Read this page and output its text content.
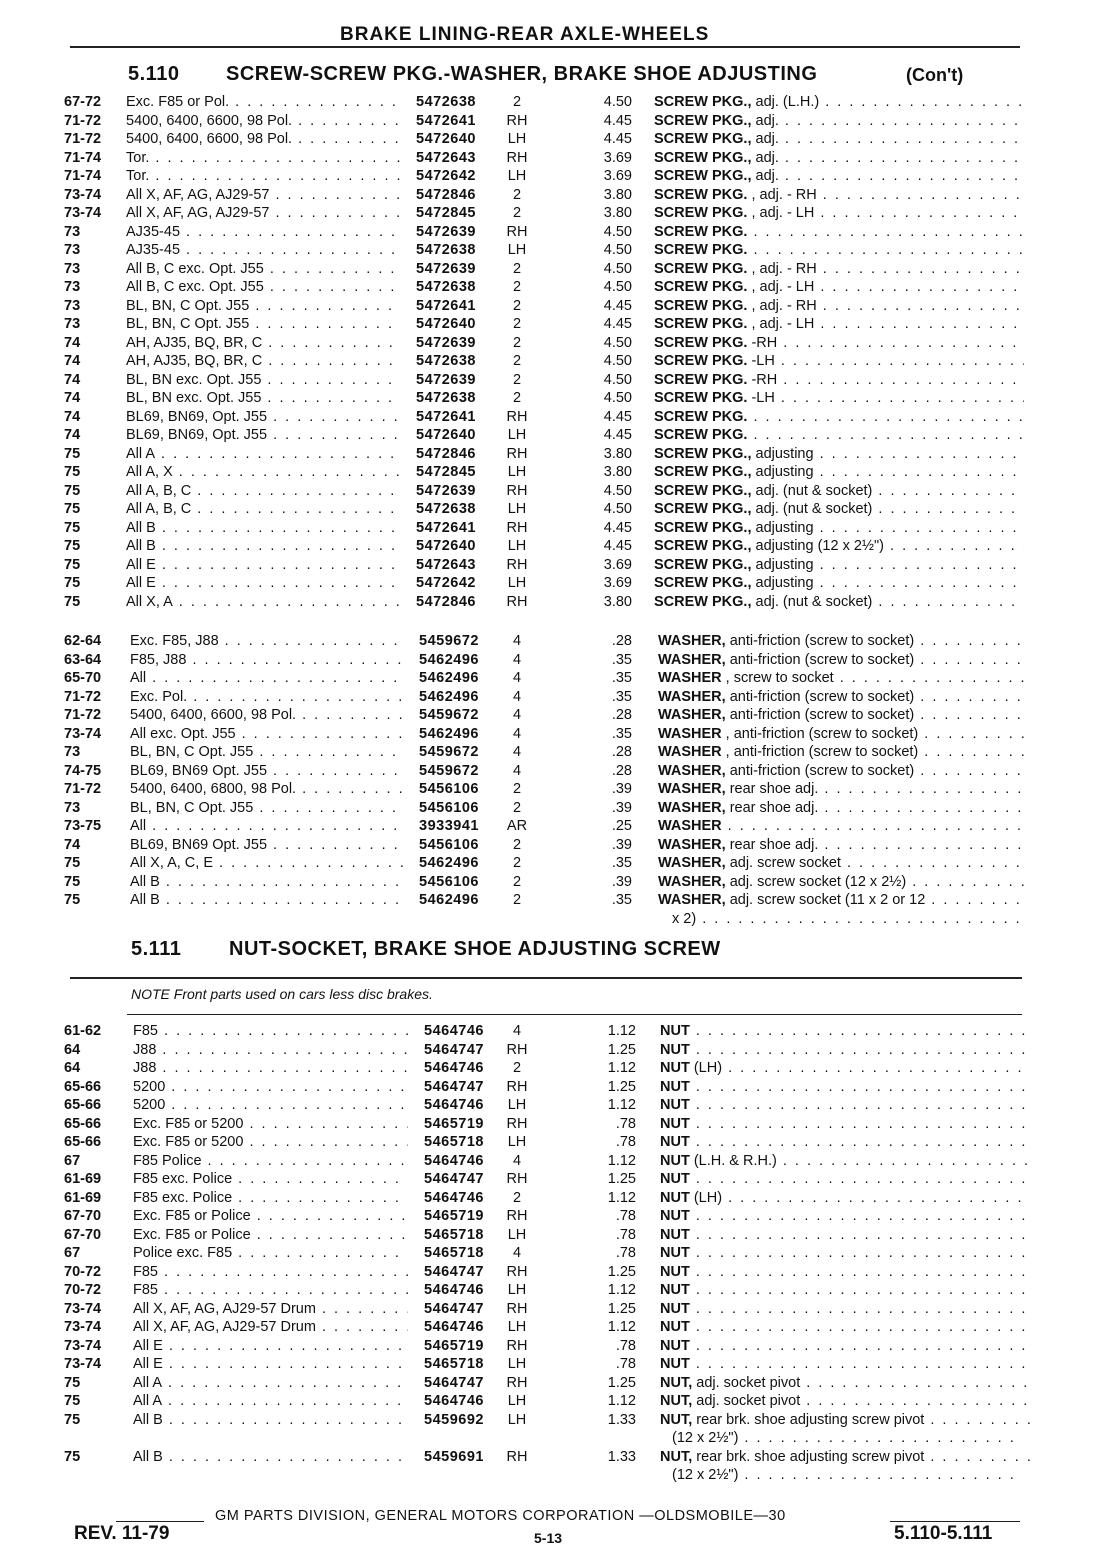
BRAKE LINING-REAR AXLE-WHEELS
5.110 SCREW-SCREW PKG.-WASHER, BRAKE SHOE ADJUSTING	(Con't)
67-72 Exc. F85 or Pol. . . .	5472638	2	4.50 SCREW PKG., adj. (L.H.) . . .
71-72 5400, 6400, 6600, 98 Pol. . . .	5472641 RH	4.45 SCREW PKG., adj. . . .
71-72 5400, 6400, 6600, 98 Pol. . . .	5472640	LH	4.45 SCREW PKG., adj. . . .
71-74 Tor. . . .	5472643 RH	3.69 SCREW PKG., adj. . . .
71-74 Tor. . . .	5472642	LH	3.69 SCREW PKG., adj. . . .
73-74 All X, AF, AG, AJ29-57 . . .	5472846	2	3.80 SCREW PKG. , adj. - RH . . .
73-74 All X, AF, AG, AJ29-57 . . .	5472845	2	3.80 SCREW PKG. , adj. - LH . . .
73	AJ35-45 . . .	5472639 RH	4.50 SCREW PKG. . . .
73	AJ35-45 . . .	5472638	LH	4.50 SCREW PKG. . . .
73	All B, C exc. Opt. J55 . . .	5472639	2	4.50 SCREW PKG. , adj. - RH . . .
73	All B, C exc. Opt. J55 . . .	5472638	2	4.50 SCREW PKG. , adj. - LH . . .
73	BL, BN, C Opt. J55 . . .	5472641	2	4.45 SCREW PKG. , adj. - RH . . .
73	BL, BN, C Opt. J55 . . .	5472640	2	4.45 SCREW PKG. , adj. - LH . . .
74	AH, AJ35, BQ, BR, C . . .	5472639	2	4.50 SCREW PKG. -RH . . .
74	AH, AJ35, BQ, BR, C . . .	5472638	2	4.50 SCREW PKG. -LH . . .
74	BL, BN exc. Opt. J55 . . .	5472639	2	4.50 SCREW PKG. -RH . . .
74	BL, BN exc. Opt. J55 . . .	5472638	2	4.50 SCREW PKG. -LH . . .
74	BL69, BN69, Opt. J55 . . .	5472641 RH	4.45 SCREW PKG. . . .
74	BL69, BN69, Opt. J55 . . .	5472640	LH	4.45 SCREW PKG. . . .
75	All A . . .	5472846 RH	3.80 SCREW PKG., adjusting . . .
75	All A, X . . .	5472845	LH	3.80 SCREW PKG., adjusting . . .
75	All A, B, C . . .	5472639 RH	4.50 SCREW PKG., adj. (nut & socket) . . .
75	All A, B, C . . .	5472638	LH	4.50 SCREW PKG., adj. (nut & socket) . . .
75	All B . . .	5472641 RH	4.45 SCREW PKG., adjusting . . .
75	All B . . .	5472640	LH	4.45 SCREW PKG., adjusting (12 x 2½") . . .
75	All E . . .	5472643 RH	3.69 SCREW PKG., adjusting . . .
75	All E . . .	5472642	LH	3.69 SCREW PKG., adjusting . . .
75	All X, A . . .	5472846 RH	3.80 SCREW PKG., adj. (nut & socket) . . .
62-64 Exc. F85, J88 . . .	5459672	4	.28 WASHER, anti-friction (screw to socket) . . .
63-64 F85, J88 . . .	5462496	4	.35 WASHER, anti-friction (screw to socket) . . .
65-70 All . . .	5462496	4	.35 WASHER , screw to socket . . .
71-72 Exc. Pol. . . .	5462496	4	.35 WASHER, anti-friction (screw to socket) . . .
71-72 5400, 6400, 6600, 98 Pol. . . .	5459672	4	.28 WASHER, anti-friction (screw to socket) . . .
73-74 All exc. Opt. J55 . . .	5462496	4	.35 WASHER , anti-friction (screw to socket) . . .
73	BL, BN, C Opt. J55 . . .	5459672	4	.28 WASHER , anti-friction (screw to socket) . . .
74-75 BL69, BN69 Opt. J55 . . .	5459672	4	.28 WASHER, anti-friction (screw to socket) . . .
71-72 5400, 6400, 6800, 98 Pol. . . .	5456106	2	.39 WASHER, rear shoe adj. . . .
73	BL, BN, C Opt. J55 . . .	5456106	2	.39 WASHER, rear shoe adj. . . .
73-75 All . . .	3933941 AR	.25 WASHER . . .
74	BL69, BN69 Opt. J55 . . .	5456106	2	.39 WASHER, rear shoe adj. . . .
75	All X, A, C, E . . .	5462496	2	.35 WASHER, adj. screw socket . . .
75	All B . . .	5456106	2	.39 WASHER, adj. screw socket (12 x 2½) . . .
75	All B . . .	5462496	2	.35 WASHER, adj. screw socket (11 x 2 or 12 . . .
x 2) . . .
5.111 NUT-SOCKET, BRAKE SHOE ADJUSTING SCREW
NOTE Front parts used on cars less disc brakes.
61-62 F85 . . .	5464746	4	1.12 NUT . . .
64	J88 . . .	5464747 RH	1.25 NUT . . .
64	J88 . . .	5464746	2	1.12 NUT (LH) . . .
65-66 5200 . . .	5464747 RH	1.25 NUT . . .
65-66 5200 . . .	5464746	LH	1.12 NUT . . .
65-66 Exc. F85 or 5200 . . .	5465719 RH	.78 NUT . . .
65-66 Exc. F85 or 5200 . . .	5465718	LH	.78 NUT . . .
67	F85 Police . . .	5464746	4	1.12 NUT (L.H. & R.H.) . . .
61-69 F85 exc. Police . . .	5464747 RH	1.25 NUT . . .
61-69 F85 exc. Police . . .	5464746	2	1.12 NUT (LH) . . .
67-70 Exc. F85 or Police . . .	5465719 RH	.78 NUT . . .
67-70 Exc. F85 or Police . . .	5465718	LH	.78 NUT . . .
67	Police exc. F85 . . .	5465718	4	.78 NUT . . .
70-72 F85 . . .	5464747 RH	1.25 NUT . . .
70-72 F85 . . .	5464746	LH	1.12 NUT . . .
73-74 All X, AF, AG, AJ29-57 Drum . . .	5464747 RH	1.25 NUT . . .
73-74 All X, AF, AG, AJ29-57 Drum . . .	5464746	LH	1.12 NUT . . .
73-74 All E . . .	5465719 RH	.78 NUT . . .
73-74 All E . . .	5465718	LH	.78 NUT . . .
75	All A . . .	5464747 RH	1.25 NUT, adj. socket pivot . . .
75	All A . . .	5464746	LH	1.12 NUT, adj. socket pivot . . .
75	All B . . .	5459692	LH	1.33 NUT, rear brk. shoe adjusting screw pivot . . .
(12 x 2½") . . .
75	All B . . .	5459691 RH	1.33 NUT, rear brk. shoe adjusting screw pivot . . .
(12 x 2½") . . .
GM PARTS DIVISION, GENERAL MOTORS CORPORATION —OLDSMOBILE—30
REV. 11-79	5-13	5.110-5.111
